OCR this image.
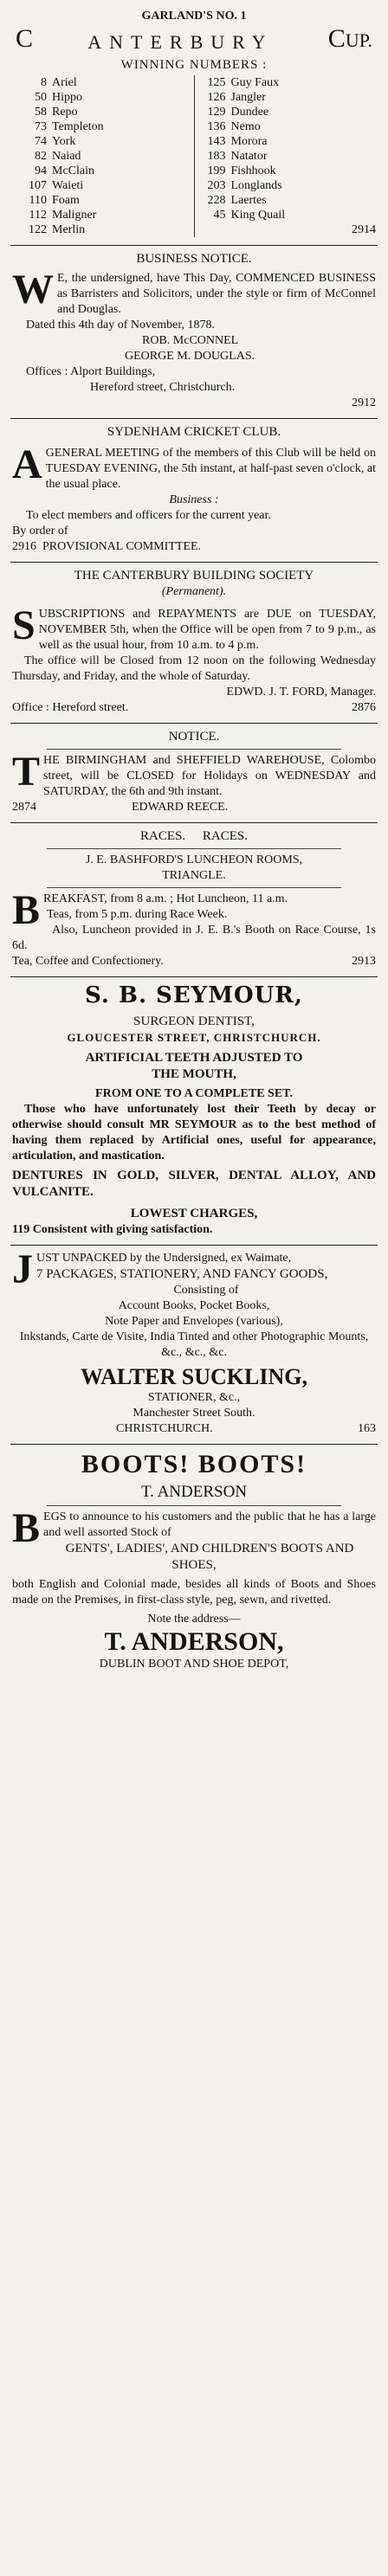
GARLAND'S NO. 1
C	ANTERBURY CUP.
WINNING NUMBERS :
8 Ariel
50 Hippo
58 Repo
73 Templeton
74 York
82 Naiad
94 McClain
107 Waieti
110 Foam
112 Maligner
122 Merlin
125 Guy Faux
126 Jangler
129 Dundee
136 Nemo
143 Morora
183 Natator
199 Fishhook
203 Longlands
228 Laertes
45 King Quail
2914
BUSINESS NOTICE.
WE, the undersigned, have This Day, COMMENCED BUSINESS as Barristers and Solicitors, under the style or firm of McConnel and Douglas.
Dated this 4th day of November, 1878.
ROB. McCONNEL
GEORGE M. DOUGLAS.
Offices : Alport Buildings,
Hereford street, Christchurch.
2912
SYDENHAM CRICKET CLUB.
AGENERAL MEETING of the members of this Club will be held on TUESDAY EVENING, the 5th instant, at half-past seven o'clock, at the usual place.
Business :
To elect members and officers for the current year.
By order of
2916 PROVISIONAL COMMITTEE.
THE CANTERBURY BUILDING SOCIETY
(Permanent).
SUBSCRIPTIONS and REPAYMENTS are DUE on TUESDAY, NOVEMBER 5th, when the Office will be open from 7 to 9 p.m., as well as the usual hour, from 10 a.m. to 4 p.m.
The office will be Closed from 12 noon on the following Wednesday Thursday, and Friday, and the whole of Saturday.
EDWD. J. T. FORD, Manager.
Office : Hereford street.	2876
NOTICE.
THE BIRMINGHAM and SHEFFIELD WAREHOUSE, Colombo street, will be CLOSED for Holidays on WEDNESDAY and SATURDAY, the 6th and 9th instant.
2874	EDWARD REECE.
RACES. RACES.
J. E. BASHFORD'S LUNCHEON ROOMS,
TRIANGLE.
BREAKFAST, from 8 a.m. ; Hot Luncheon, 11 a.m.
Teas, from 5 p.m. during Race Week.
Also, Luncheon provided in J. E. B.'s Booth on Race Course, 1s 6d.
Tea, Coffee and Confectionery.	2913
S. B. SEYMOUR,
SURGEON DENTIST,
GLOUCESTER STREET, CHRISTCHURCH.
ARTIFICIAL TEETH ADJUSTED TO
THE MOUTH,
FROM ONE TO A COMPLETE SET.
Those who have unfortunately lost their Teeth by decay or otherwise should consult MR SEYMOUR as to the best method of having them replaced by Artificial ones, useful for appearance, articulation, and mastication.
DENTURES IN GOLD, SILVER, DENTAL ALLOY, AND VULCANITE.
LOWEST CHARGES,
119 Consistent with giving satisfaction.
JUST UNPACKED by the Undersigned, ex Waimate,
7 PACKAGES, STATIONERY, AND FANCY GOODS,
Consisting of
Account Books, Pocket Books,
Note Paper and Envelopes (various),
Inkstands, Carte de Visite, India Tinted and other Photographic Mounts,
&c., &c., &c.
WALTER SUCKLING,
STATIONER, &c.,
Manchester Street South.
CHRISTCHURCH.	163
BOOTS! BOOTS!
T. ANDERSON
BEGS to announce to his customers and the public that he has a large and well assorted Stock of
GENTS', LADIES', AND CHILDREN'S BOOTS AND SHOES,
both English and Colonial made, besides all kinds of Boots and Shoes made on the Premises, in first-class style, peg, sewn, and rivetted.
Note the address—
T. ANDERSON,
DUBLIN BOOT AND SHOE DEPOT,
